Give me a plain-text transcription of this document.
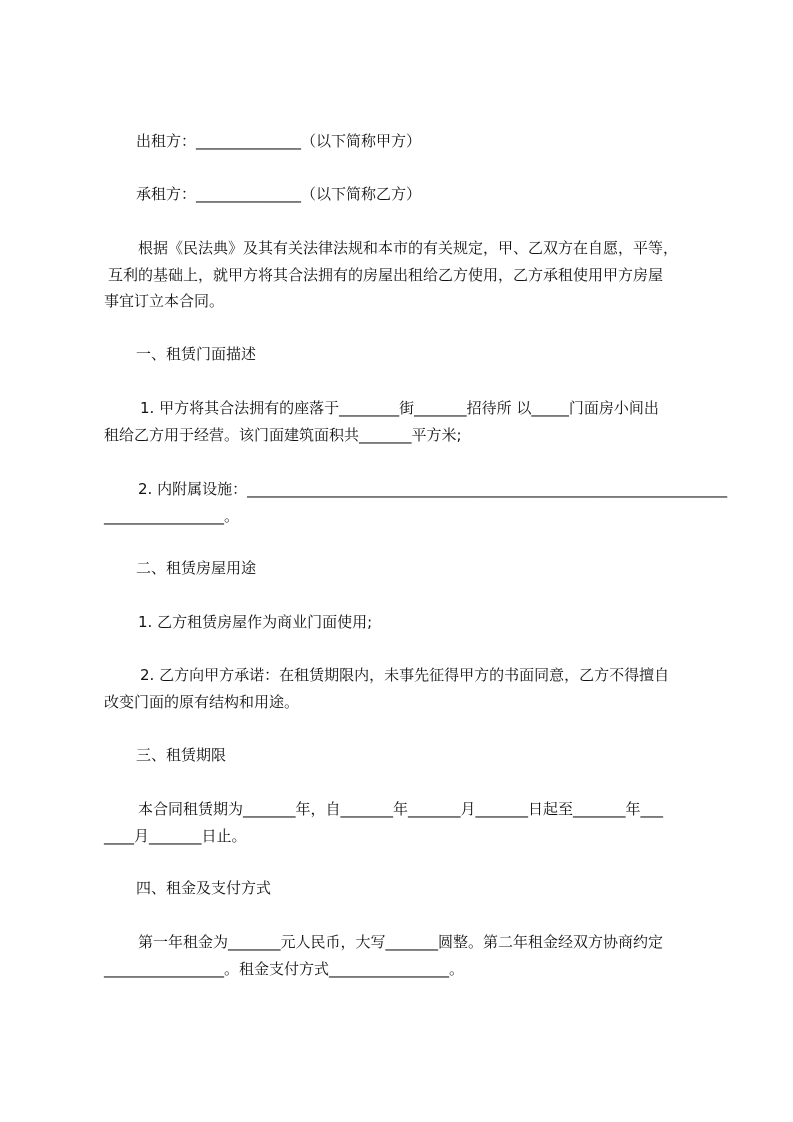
出租方：______________（以下简称甲方）
承租方：______________（以下简称乙方）
根据《民法典》及其有关法律法规和本市的有关规定，甲、乙双方在自愿，平等，
互利的基础上，就甲方将其合法拥有的房屋出租给乙方使用，乙方承租使用甲方房屋
事宜订立本合同。
一、租赁门面描述
1. 甲方将其合法拥有的座落于________街_______招待所 以_____门面房小间出
租给乙方用于经营。该门面建筑面积共_______平方米;
2. 内附属设施：________________________________________________________________
________________。
二、租赁房屋用途
1. 乙方租赁房屋作为商业门面使用;
2. 乙方向甲方承诺：在租赁期限内，未事先征得甲方的书面同意，乙方不得擅自
改变门面的原有结构和用途。
三、租赁期限
本合同租赁期为_______年，自_______年_______月_______日起至_______年___
____月_______日止。
四、租金及支付方式
第一年租金为_______元人民币，大写_______圆整。第二年租金经双方协商约定
________________。租金支付方式________________。
